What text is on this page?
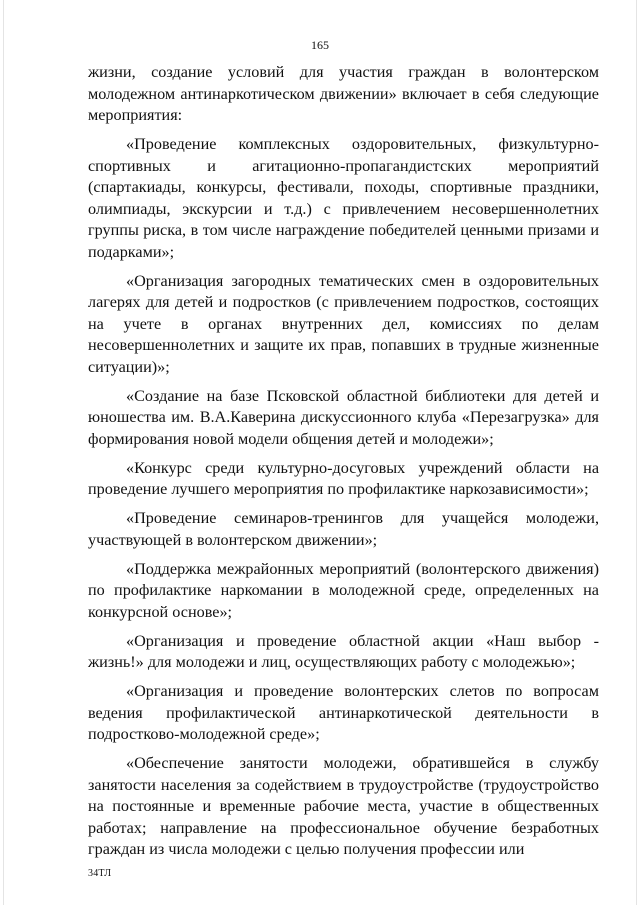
165

жизни, создание условий для участия граждан в волонтерском молодежном антинаркотическом движении» включает в себя следующие мероприятия:

«Проведение комплексных оздоровительных, физкультурно-спортивных и агитационно-пропагандистских мероприятий (спартакиады, конкурсы, фестивали, походы, спортивные праздники, олимпиады, экскурсии и т.д.) с привлечением несовершеннолетних группы риска, в том числе награждение победителей ценными призами и подарками»;

«Организация загородных тематических смен в оздоровительных лагерях для детей и подростков (с привлечением подростков, состоящих на учете в органах внутренних дел, комиссиях по делам несовершеннолетних и защите их прав, попавших в трудные жизненные ситуации)»;

«Создание на базе Псковской областной библиотеки для детей и юношества им. В.А.Каверина дискуссионного клуба «Перезагрузка» для формирования новой модели общения детей и молодежи»;

«Конкурс среди культурно-досуговых учреждений области на проведение лучшего мероприятия по профилактике наркозависимости»;

«Проведение семинаров-тренингов для учащейся молодежи, участвующей в волонтерском движении»;

«Поддержка межрайонных мероприятий (волонтерского движения) по профилактике наркомании в молодежной среде, определенных на конкурсной основе»;

«Организация и проведение областной акции «Наш выбор - жизнь!» для молодежи и лиц, осуществляющих работу с молодежью»;

«Организация и проведение волонтерских слетов по вопросам ведения профилактической антинаркотической деятельности в подростково-молодежной среде»;

«Обеспечение занятости молодежи, обратившейся в службу занятости населения за содействием в трудоустройстве (трудоустройство на постоянные и временные рабочие места, участие в общественных работах; направление на профессиональное обучение безработных граждан из числа молодежи с целью получения профессии или

34ТЛ
